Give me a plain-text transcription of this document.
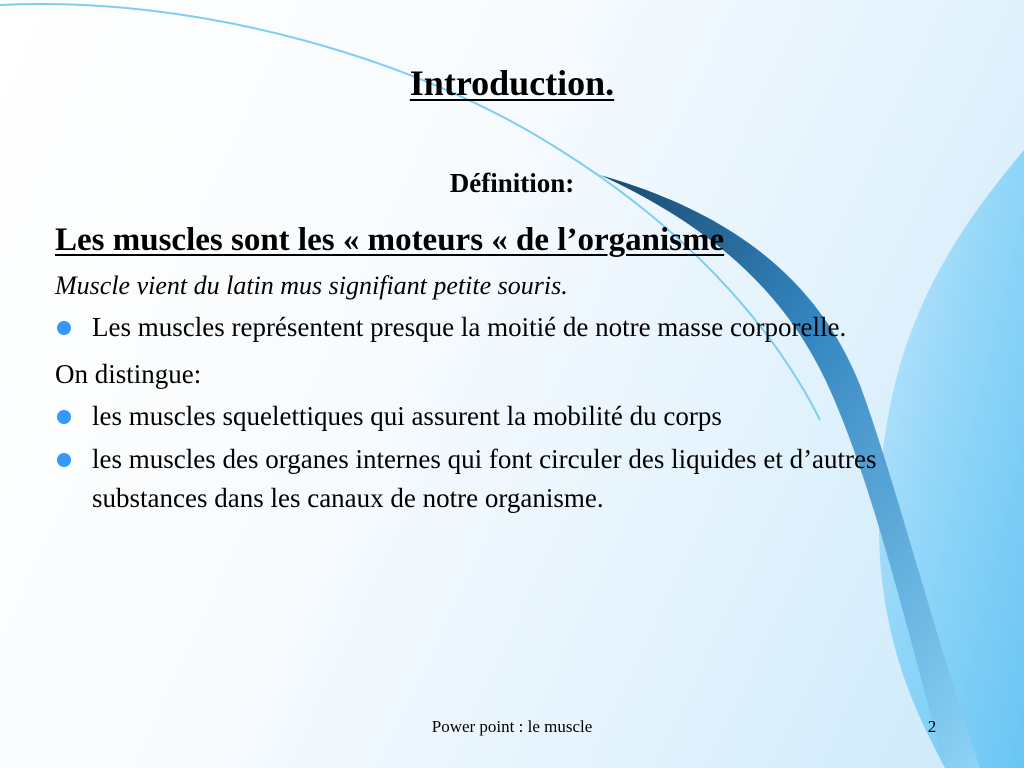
Introduction.
Définition:

Les muscles sont les « moteurs « de l’organisme

Muscle vient du latin mus signifiant petite souris.

Les muscles représentent presque la moitié de notre masse corporelle.

On distingue:

les muscles squelettiques qui assurent la mobilité du corps
les muscles des organes internes qui font circuler des liquides et d’autres substances dans les canaux de notre organisme.
Power point : le muscle	2
